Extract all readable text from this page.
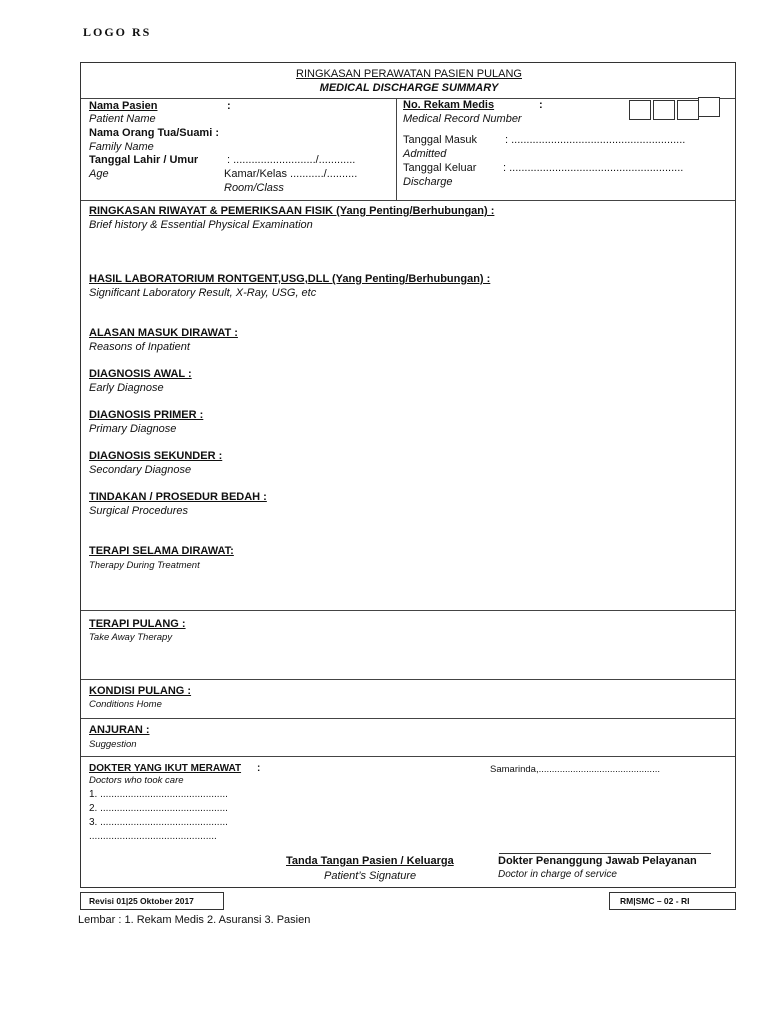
LOGO RS
RINGKASAN PERAWATAN PASIEN PULANG
MEDICAL DISCHARGE SUMMARY
Nama Pasien	:
Patient Name
Nama Orang Tua/Suami :
Family Name
Tanggal Lahir / Umur	: .........................../............
Age	Kamar/Kelas .........../..........
Room/Class
No. Rekam Medis	:
Medical Record Number
Tanggal Masuk	: .........................................................
Admitted
Tanggal Keluar : .........................................................
Discharge
RINGKASAN RIWAYAT & PEMERIKSAAN FISIK (Yang Penting/Berhubungan) :
Brief history & Essential Physical Examination
HASIL LABORATORIUM RONTGENT,USG,DLL (Yang Penting/Berhubungan) :
Significant Laboratory Result, X-Ray, USG, etc
ALASAN MASUK DIRAWAT :
Reasons of Inpatient
DIAGNOSIS AWAL :
Early Diagnose
DIAGNOSIS PRIMER :
Primary Diagnose
DIAGNOSIS SEKUNDER :
Secondary Diagnose
TINDAKAN / PROSEDUR BEDAH :
Surgical Procedures
TERAPI SELAMA DIRAWAT:
Therapy During Treatment
TERAPI PULANG :
Take Away Therapy
KONDISI PULANG :
Conditions Home
ANJURAN :
Suggestion
DOKTER YANG IKUT MERAWAT :
Doctors who took care
1. ..............................................
2. ..............................................
3. ..............................................
..............................................
Samarinda,..............................................
Tanda Tangan Pasien / Keluarga
Patient’s Signature
Dokter Penanggung Jawab Pelayanan
Doctor in charge of service
Revisi 01|25 Oktober 2017	RM|SMC – 02 - RI
Lembar : 1. Rekam Medis 2. Asuransi 3. Pasien
